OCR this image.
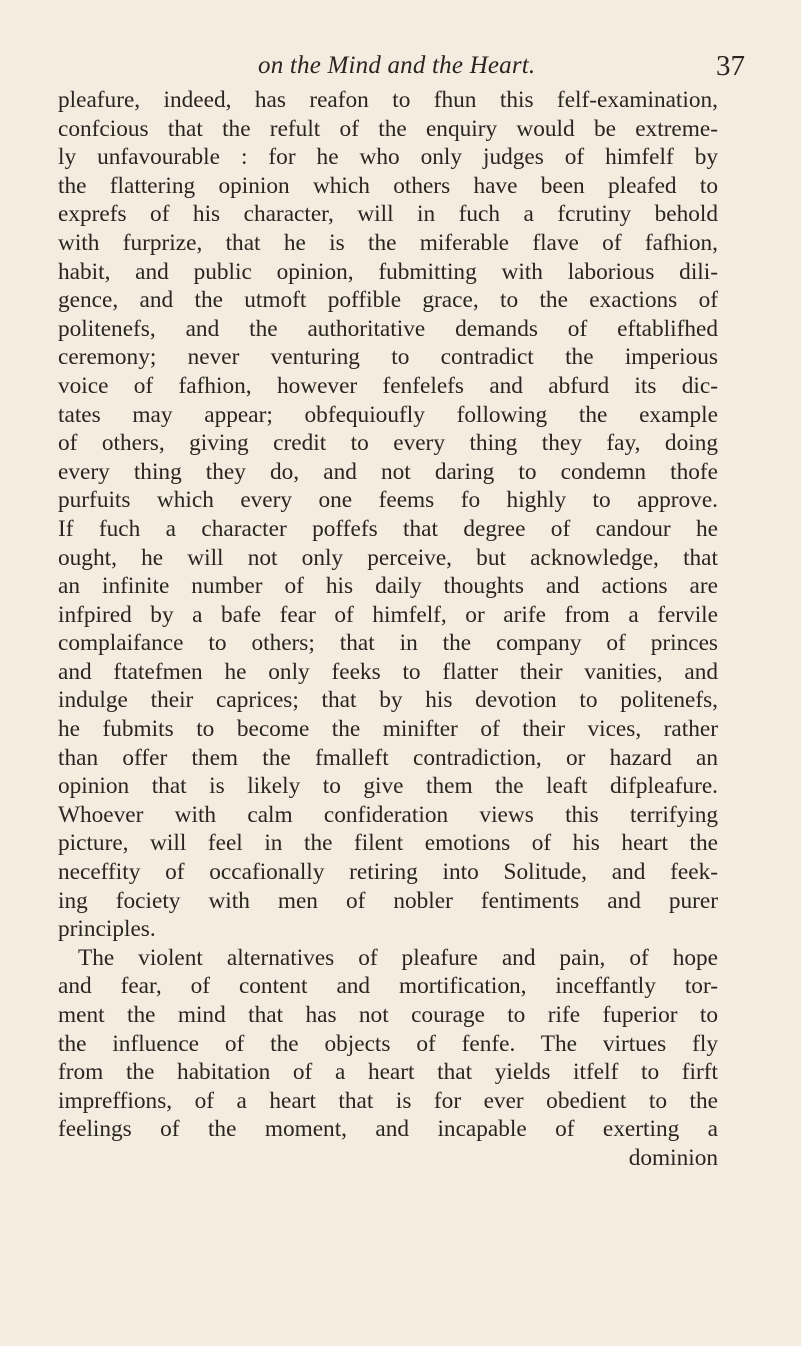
on the Mind and the Heart.	37
pleafure, indeed, has reafon to fhun this felf-examination,
confcious that the refult of the enquiry would be extreme-
ly unfavourable : for he who only judges of himfelf by
the flattering opinion which others have been pleafed to
exprefs of his character, will in fuch a fcrutiny behold
with furprize, that he is the miferable flave of fafhion,
habit, and public opinion, fubmitting with laborious dili-
gence, and the utmoft poffible grace, to the exactions of
politenefs, and the authoritative demands of eftablifhed
ceremony; never venturing to contradict the imperious
voice of fafhion, however fenfelefs and abfurd its dic-
tates may appear; obfequioufly following the example
of others, giving credit to every thing they fay, doing
every thing they do, and not daring to condemn thofe
purfuits which every one feems fo highly to approve.
If fuch a character poffefs that degree of candour he
ought, he will not only perceive, but acknowledge, that
an infinite number of his daily thoughts and actions are
infpired by a bafe fear of himfelf, or arife from a fervile
complaifance to others; that in the company of princes
and ftatefmen he only feeks to flatter their vanities, and
indulge their caprices; that by his devotion to politenefs,
he fubmits to become the minifter of their vices, rather
than offer them the fmalleft contradiction, or hazard an
opinion that is likely to give them the leaft difpleafure.
Whoever with calm confideration views this terrifying
picture, will feel in the filent emotions of his heart the
neceffity of occafionally retiring into Solitude, and feek-
ing fociety with men of nobler fentiments and purer
principles.
The violent alternatives of pleafure and pain, of hope
and fear, of content and mortification, inceffantly tor-
ment the mind that has not courage to rife fuperior to
the influence of the objects of fenfe. The virtues fly
from the habitation of a heart that yields itfelf to firft
impreffions, of a heart that is for ever obedient to the
feelings of the moment, and incapable of exerting a
dominion
